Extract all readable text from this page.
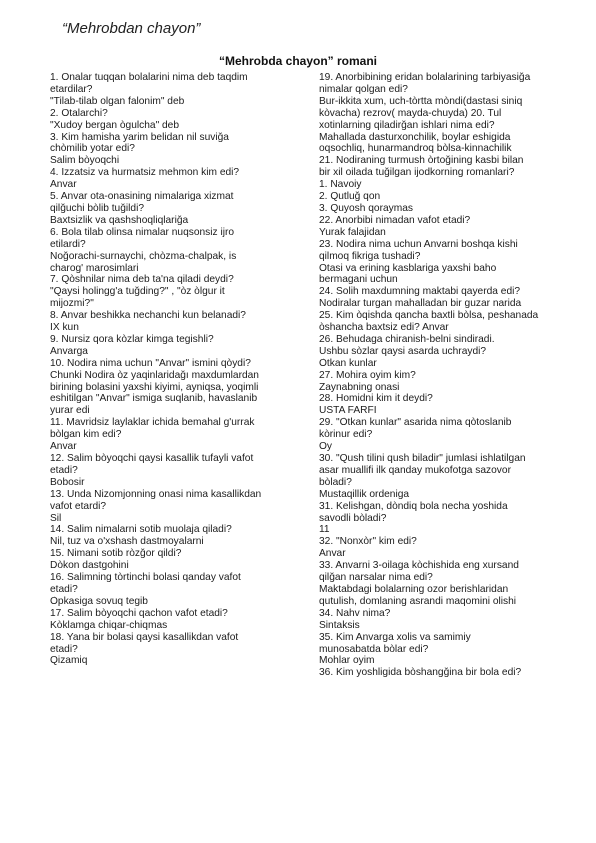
“Mehrobdan chayon”
“Mehrobda chayon” romani
1. Onalar tuqqan bolalarini nima deb taqdim
etardilar?
"Tilab-tilab olgan falonim" deb
2. Otalarchi?
"Xudoy bergan ògulcha" deb
3. Kim hamisha yarim belidan nil suviğa
chòmilib yotar edi?
Salim bòyoqchi
4. Izzatsiz va hurmatsiz mehmon kim edi?
Anvar
5. Anvar ota-onasining nimalariga xizmat
qilğuchi bòlib tuğildi?
Baxtsizlik va qashshoqliqlariğa
6. Bola tilab olinsa nimalar nuqsonsiz ijro
etilardi?
Noğorachi-surnaychi, chòzma-chalpak, is
charog' marosimlari
7. Qòshnilar nima deb ta'na qiladi deydi?
"Qaysi holingg'a tuğding?" , "òz òlgur it
mijozmi?"
8. Anvar beshikka nechanchi kun belanadi?
IX kun
9. Nursiz qora kòzlar kimga tegishli?
Anvarga
10. Nodira nima uchun "Anvar" ismini qòydi?
Chunki Nodira òz yaqinlaridağı maxdumlardan
birining bolasini yaxshi kiyimi, ayniqsa, yoqimli
eshitilgan "Anvar" ismiga suqlanib, havaslanib
yurar edi
11. Mavridsiz laylaklar ichida bemahal g'urrak
bòlgan kim edi?
Anvar
12. Salim bòyoqchi qaysi kasallik tufayli vafot
etadi?
Bobosir
13. Unda Nizomjonning onasi nima kasallikdan
vafot etardi?
Sil
14. Salim nimalarni sotib muolaja qiladi?
Nil, tuz va o'xshash dastmoyalarni
15. Nimani sotib ròzğor qildi?
Dòkon dastgohini
16. Salimning tòrtinchi bolasi qanday vafot
etadi?
Òpkasiga sovuq tegib
17. Salim bòyoqchi qachon vafot etadi?
Kòklamga chiqar-chiqmas
18. Yana bir bolasi qaysi kasallikdan vafot
etadi?
Qizamiq
19. Anorbibining eridan bolalarining tarbiyasiğa
nimalar qolgan edi?
Bur-ikkita xum, uch-tòrtta mòndi(dastasi siniq
kòvacha) rezrov( mayda-chuyda) 20. Tul
xotinlarning qiladirğan ishlari nima edi?
Mahallada dasturxonchilik, boylar eshigida
oqsochliq, hunarmandroq bòlsa-kinnachilik
21. Nodiraning turmush òrtoğining kasbi bilan
bir xil oilada tuğilgan ijodkorning romanlari?
1. Navoiy
2. Qutluğ qon
3. Quyosh qoraymas
22. Anorbibi nimadan vafot etadi?
Yurak falajidan
23. Nodira nima uchun Anvarni boshqa kishi
qilmoq fikriga tushadi?
Otasi va erining kasblariga yaxshi baho
bermagani uchun
24. Solih maxdumning maktabi qayerda edi?
Nodiralar turgan mahalladan bir guzar narida
25. Kim òqishda qancha baxtli bòlsa, peshanada
òshancha baxtsiz edi? Anvar
26. Behudaga chiranish-belni sindiradi.
Ushbu sòzlar qaysi asarda uchraydi?
Òtkan kunlar
27. Mohira oyim kim?
Zaynabning onasi
28. Homidni kim it deydi?
USTA FARFI
29. "Òtkan kunlar" asarida nima qòtoslanib
kòrinur edi?
Oy
30. "Qush tilini qush biladir" jumlasi ishlatilgan
asar muallifi ilk qanday mukofotga sazovor
bòladi?
Mustaqillik ordeniga
31. Kelishgan, dòndiq bola necha yoshida
savodli bòladi?
11
32. "Nonxòr" kim edi?
Anvar
33. Anvarni 3-oilaga kòchishida eng xursand
qilğan narsalar nima edi?
Maktabdagi bolalarning ozor berishlaridan
qutulish, domlaning asrandi maqomini olishi
34. Nahv nima?
Sintaksis
35. Kim Anvarga xolis va samimiy
munosabatda bòlar edi?
Mohlar oyim
36. Kim yoshligida bòshangğina bir bola edi?
